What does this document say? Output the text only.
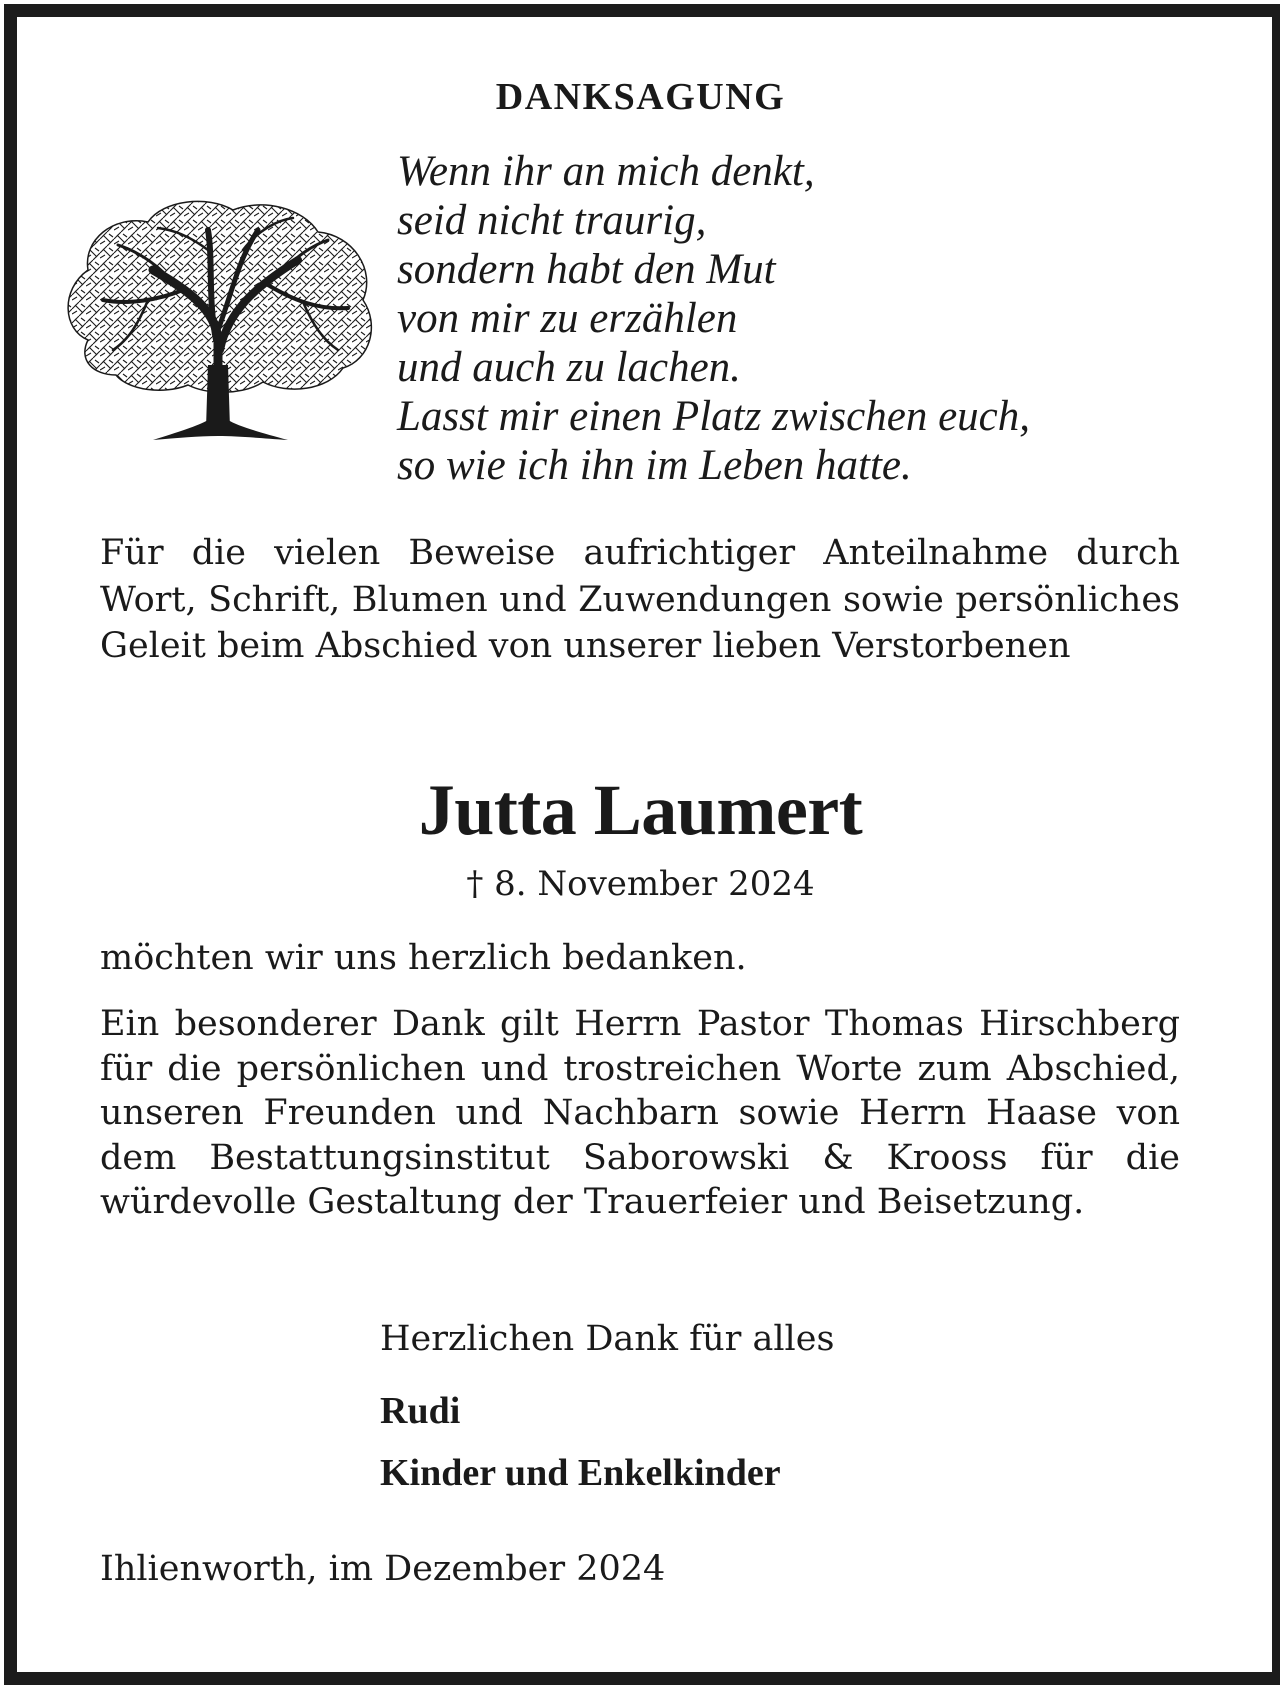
DANKSAGUNG
Wenn ihr an mich denkt,
seid nicht traurig,
sondern habt den Mut
von mir zu erzählen
und auch zu lachen.
Lasst mir einen Platz zwischen euch,
so wie ich ihn im Leben hatte.
Für die vielen Beweise aufrichtiger Anteilnahme durch Wort, Schrift, Blumen und Zuwendungen sowie persönliches Geleit beim Abschied von unserer lieben Verstorbenen
Jutta Laumert
† 8. November 2024
möchten wir uns herzlich bedanken.
Ein besonderer Dank gilt Herrn Pastor Thomas Hirschberg für die persönlichen und trostreichen Worte zum Abschied, unseren Freunden und Nachbarn sowie Herrn Haase von dem Bestattungsinstitut Saborowski & Krooss für die würdevolle Gestaltung der Trauerfeier und Beisetzung.
Herzlichen Dank für alles
Rudi
Kinder und Enkelkinder
Ihlienworth, im Dezember 2024
